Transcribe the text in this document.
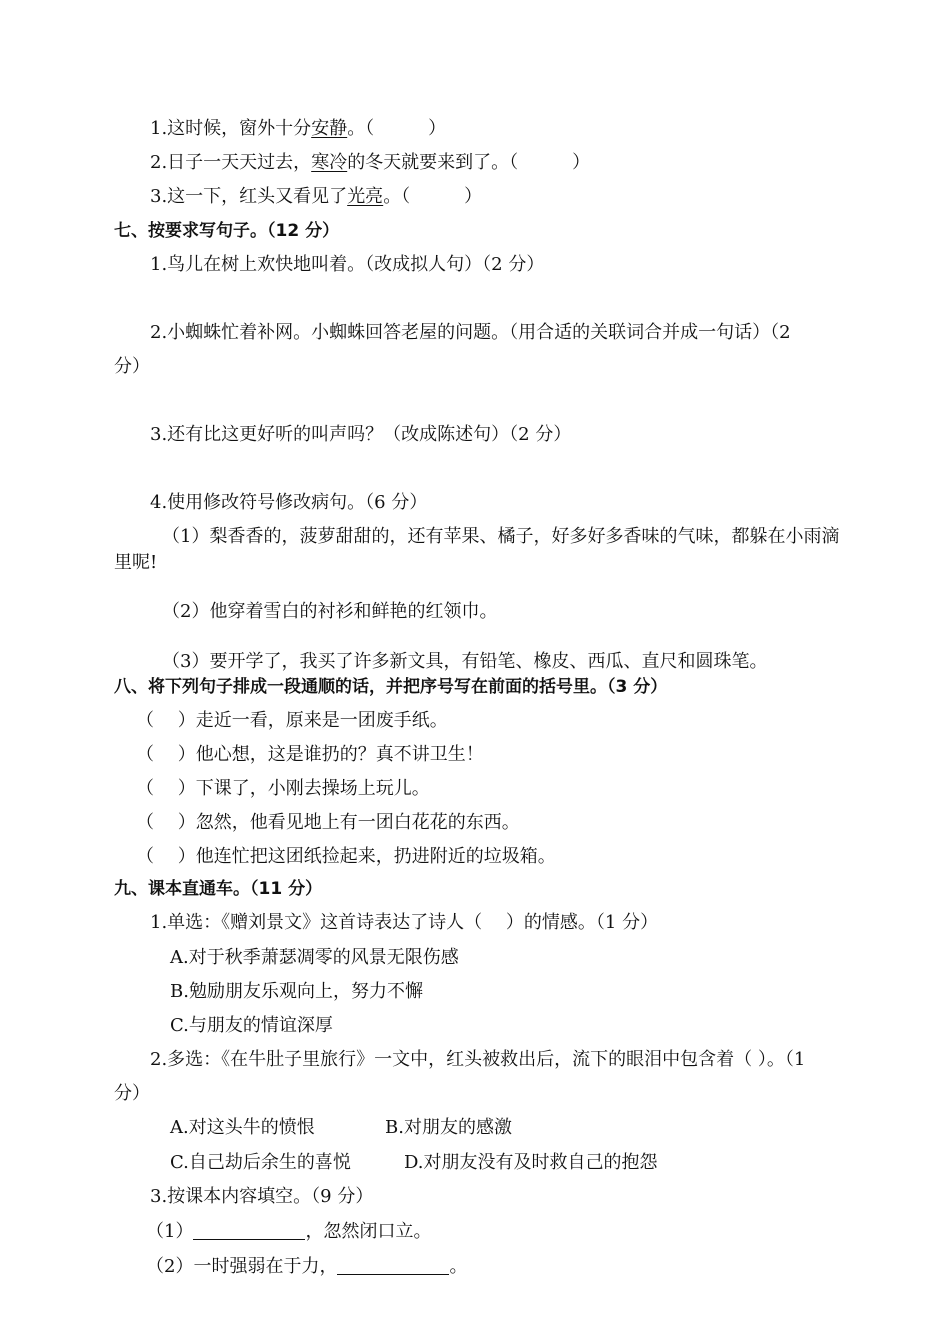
1.这时候，窗外十分安静。（　　　）
2.日子一天天过去，寒冷的冬天就要来到了。（　　　）
3.这一下，红头又看见了光亮。（　　　）
七、按要求写句子。（12 分）
1.鸟儿在树上欢快地叫着。（改成拟人句）（2 分）
2.小蜘蛛忙着补网。小蜘蛛回答老屋的问题。（用合适的关联词合并成一句话）（2
分）
3.还有比这更好听的叫声吗？（改成陈述句）（2 分）
4.使用修改符号修改病句。（6 分）
（1）梨香香的，菠萝甜甜的，还有苹果、橘子，好多好多香味的气味，都躲在小雨滴
里呢!
（2）他穿着雪白的衬衫和鲜艳的红领巾。
（3）要开学了，我买了许多新文具，有铅笔、橡皮、西瓜、直尺和圆珠笔。
八、将下列句子排成一段通顺的话，并把序号写在前面的括号里。（3 分）
（　 ）走近一看，原来是一团废手纸。
（　 ）他心想，这是谁扔的？真不讲卫生！
（　 ）下课了，小刚去操场上玩儿。
（　 ）忽然，他看见地上有一团白花花的东西。
（　 ）他连忙把这团纸捡起来，扔进附近的垃圾箱。
九、课本直通车。（11 分）
1.单选：《赠刘景文》这首诗表达了诗人（　 ）的情感。（1 分）
A.对于秋季萧瑟凋零的风景无限伤感
B.勉励朋友乐观向上，努力不懈
C.与朋友的情谊深厚
2.多选：《在牛肚子里旅行》一文中，红头被救出后，流下的眼泪中包含着（ ）。（1
分）
A.对这头牛的愤恨	B.对朋友的感激
C.自己劫后余生的喜悦	D.对朋友没有及时救自己的抱怨
3.按课本内容填空。（9 分）
（1）	，忽然闭口立。
（2）一时强弱在于力，	。
